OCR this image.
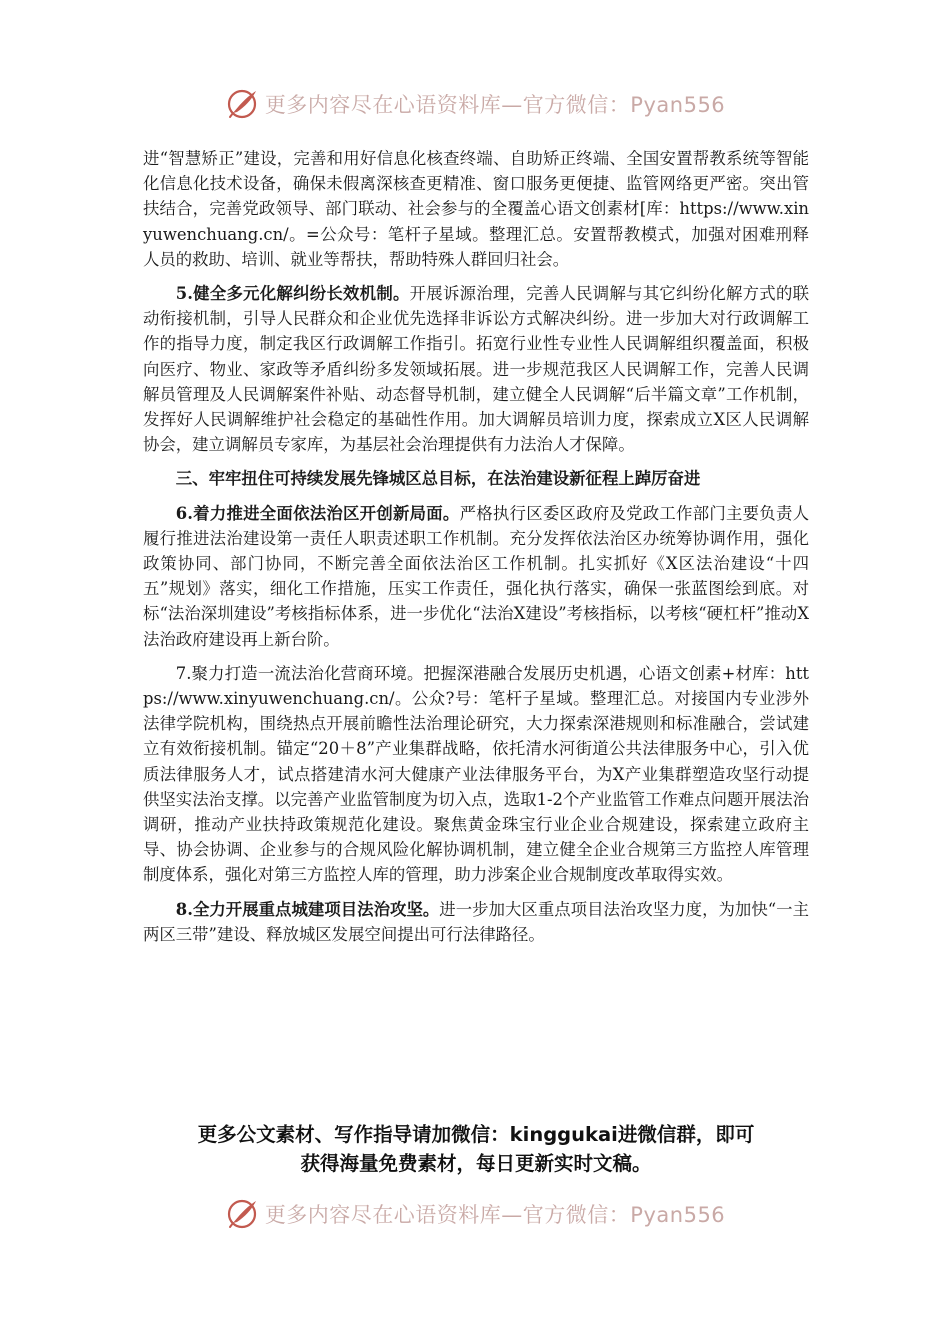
更多内容尽在心语资料库—官方微信：Pyan556

进“智慧矫正”建设，完善和用好信息化核查终端、自助矫正终端、全国安置帮教系统等智能化信息化技术设备，确保未假离深核查更精准、窗口服务更便捷、监管网络更严密。突出管扶结合，完善党政领导、部门联动、社会参与的全覆盖心语文创素材[库：https://www.xinyuwenchuang.cn/。=公众号：笔杆子星域。整理汇总。安置帮教模式，加强对困难刑释人员的救助、培训、就业等帮扶，帮助特殊人群回归社会。

5.健全多元化解纠纷长效机制。开展诉源治理，完善人民调解与其它纠纷化解方式的联动衔接机制，引导人民群众和企业优先选择非诉讼方式解决纠纷。进一步加大对行政调解工作的指导力度，制定我区行政调解工作指引。拓宽行业性专业性人民调解组织覆盖面，积极向医疗、物业、家政等矛盾纠纷多发领域拓展。进一步规范我区人民调解工作，完善人民调解员管理及人民调解案件补贴、动态督导机制，建立健全人民调解“后半篇文章”工作机制，发挥好人民调解维护社会稳定的基础性作用。加大调解员培训力度，探索成立X区人民调解协会，建立调解员专家库，为基层社会治理提供有力法治人才保障。

三、牢牢扭住可持续发展先锋城区总目标，在法治建设新征程上踔厉奋进

6.着力推进全面依法治区开创新局面。严格执行区委区政府及党政工作部门主要负责人履行推进法治建设第一责任人职责述职工作机制。充分发挥依法治区办统筹协调作用，强化政策协同、部门协同，不断完善全面依法治区工作机制。扎实抓好《X区法治建设“十四五”规划》落实，细化工作措施，压实工作责任，强化执行落实，确保一张蓝图绘到底。对标“法治深圳建设”考核指标体系，进一步优化“法治X建设”考核指标，以考核“硬杠杆”推动X法治政府建设再上新台阶。

7.聚力打造一流法治化营商环境。把握深港融合发展历史机遇，心语文创素+材库：https://www.xinyuwenchuang.cn/。公众?号：笔杆子星域。整理汇总。对接国内专业涉外法律学院机构，围绕热点开展前瞻性法治理论研究，大力探索深港规则和标准融合，尝试建立有效衔接机制。锚定“20＋8”产业集群战略，依托清水河街道公共法律服务中心，引入优质法律服务人才，试点搭建清水河大健康产业法律服务平台，为X产业集群塑造攻坚行动提供坚实法治支撑。以完善产业监管制度为切入点，选取1-2个产业监管工作难点问题开展法治调研，推动产业扶持政策规范化建设。聚焦黄金珠宝行业企业合规建设，探索建立政府主导、协会协调、企业参与的合规风险化解协调机制，建立健全企业合规第三方监控人库管理制度体系，强化对第三方监控人库的管理，助力涉案企业合规制度改革取得实效。

8.全力开展重点城建项目法治攻坚。进一步加大区重点项目法治攻坚力度，为加快“一主两区三带”建设、释放城区发展空间提出可行法律路径。

更多公文素材、写作指导请加微信：kinggukai进微信群，即可
获得海量免费素材，每日更新实时文稿。
更多内容尽在心语资料库—官方微信：Pyan556
